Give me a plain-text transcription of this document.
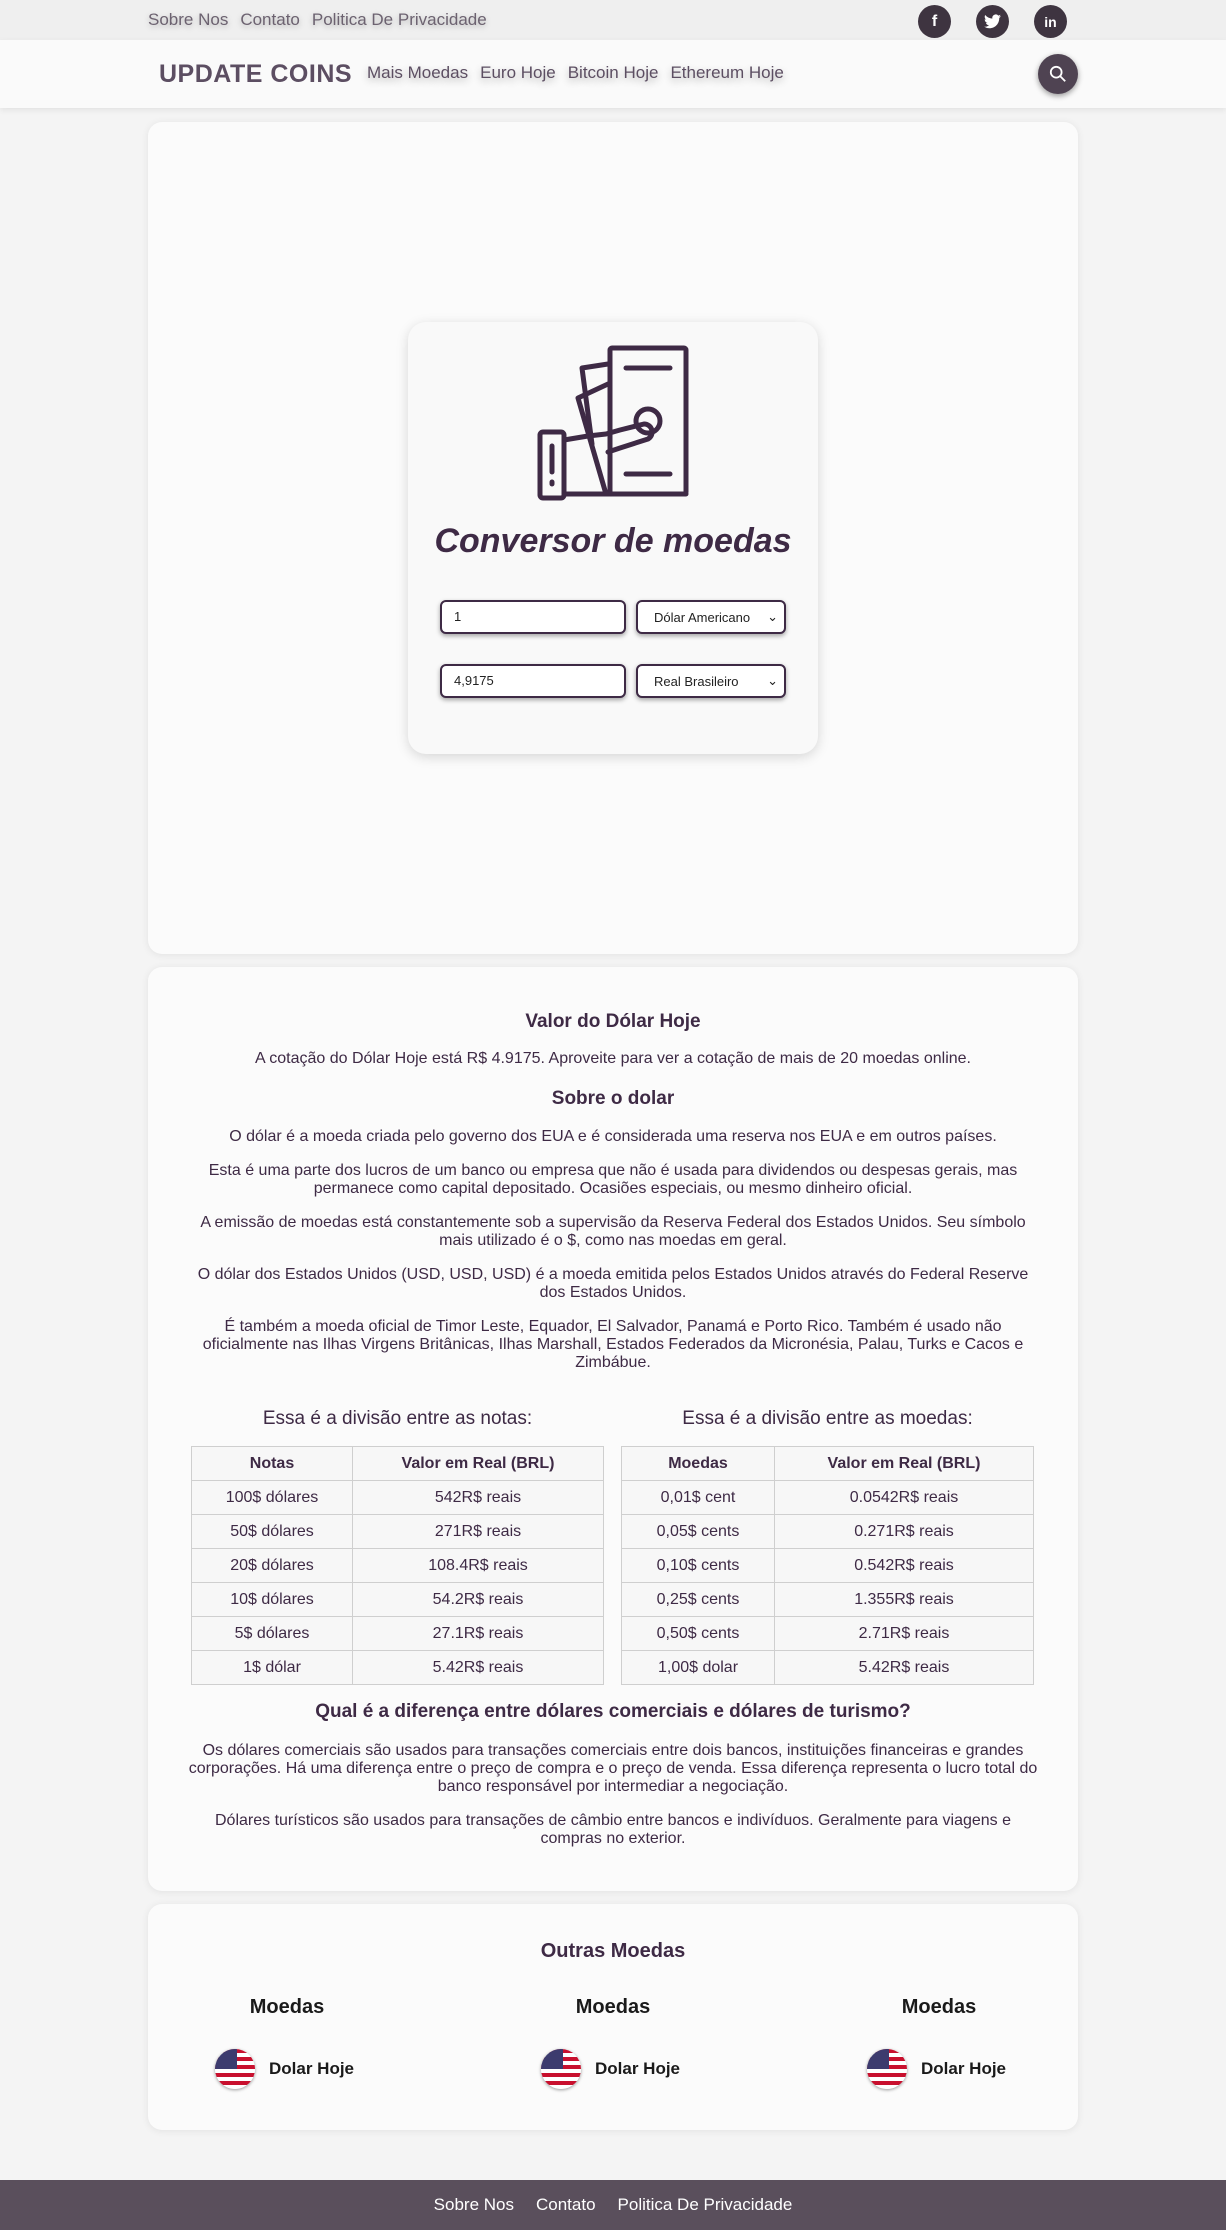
Sobre Nos Contato Politica De Privacidade	f	in
UPDATE COINS Mais Moedas Euro Hoje Bitcoin Hoje Ethereum Hoje
Conversor de moedas
1	Dólar Americano ⌄
4,9175	Real Brasileiro ⌄
Valor do Dólar Hoje

A cotação do Dólar Hoje está R$ 4.9175. Aproveite para ver a cotação de mais de 20 moedas online.

Sobre o dolar

O dólar é a moeda criada pelo governo dos EUA e é considerada uma reserva nos EUA e em outros países.

Esta é uma parte dos lucros de um banco ou empresa que não é usada para dividendos ou despesas gerais, mas permanece como capital depositado. Ocasiões especiais, ou mesmo dinheiro oficial.

A emissão de moedas está constantemente sob a supervisão da Reserva Federal dos Estados Unidos. Seu símbolo mais utilizado é o $, como nas moedas em geral.

O dólar dos Estados Unidos (USD, USD, USD) é a moeda emitida pelos Estados Unidos através do Federal Reserve dos Estados Unidos.

É também a moeda oficial de Timor Leste, Equador, El Salvador, Panamá e Porto Rico. Também é usado não oficialmente nas Ilhas Virgens Britânicas, Ilhas Marshall, Estados Federados da Micronésia, Palau, Turks e Cacos e Zimbábue.

Essa é a divisão entre as notas:
Notas	Valor em Real (BRL)
100$ dólares	542R$ reais
50$ dólares	271R$ reais
20$ dólares	108.4R$ reais
10$ dólares	54.2R$ reais
5$ dólares	27.1R$ reais
1$ dólar	5.42R$ reais
Essa é a divisão entre as moedas:
Moedas	Valor em Real (BRL)
0,01$ cent	0.0542R$ reais
0,05$ cents	0.271R$ reais
0,10$ cents	0.542R$ reais
0,25$ cents	1.355R$ reais
0,50$ cents	2.71R$ reais
1,00$ dolar	5.42R$ reais
Qual é a diferença entre dólares comerciais e dólares de turismo?

Os dólares comerciais são usados para transações comerciais entre dois bancos, instituições financeiras e grandes corporações. Há uma diferença entre o preço de compra e o preço de venda. Essa diferença representa o lucro total do banco responsável por intermediar a negociação.

Dólares turísticos são usados para transações de câmbio entre bancos e indivíduos. Geralmente para viagens e compras no exterior.

Outras Moedas
Moedas
Dolar Hoje
Moedas
Dolar Hoje
Moedas
Dolar Hoje
Sobre Nos Contato Politica De Privacidade
